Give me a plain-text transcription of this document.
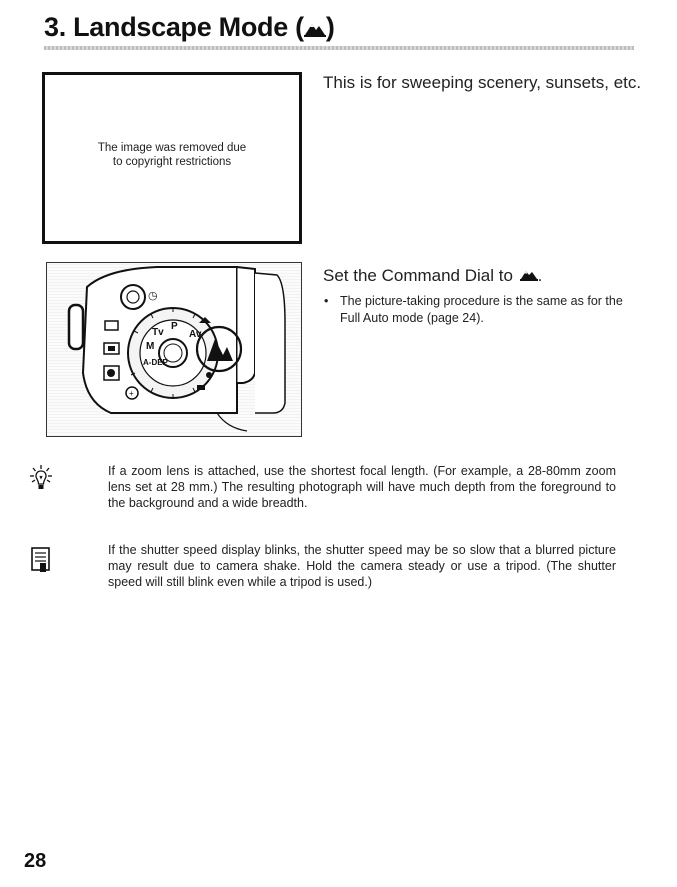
3. Landscape Mode ( )
The image was removed due
to copyright restrictions
This is for sweeping scenery, sunsets, etc.
+
◷
P
Tv	Av
M
A-DEP
Set the Command Dial to .
• The picture-taking procedure is the same as for the Full Auto mode (page 24).
If a zoom lens is attached, use the shortest focal length. (For example, a 28-80mm zoom lens set at 28 mm.) The resulting photograph will have much depth from the foreground to the background and a wide breadth.
If the shutter speed display blinks, the shutter speed may be so slow that a blurred picture may result due to camera shake. Hold the camera steady or use a tripod. (The shutter speed will still blink even while a tripod is used.)
28
